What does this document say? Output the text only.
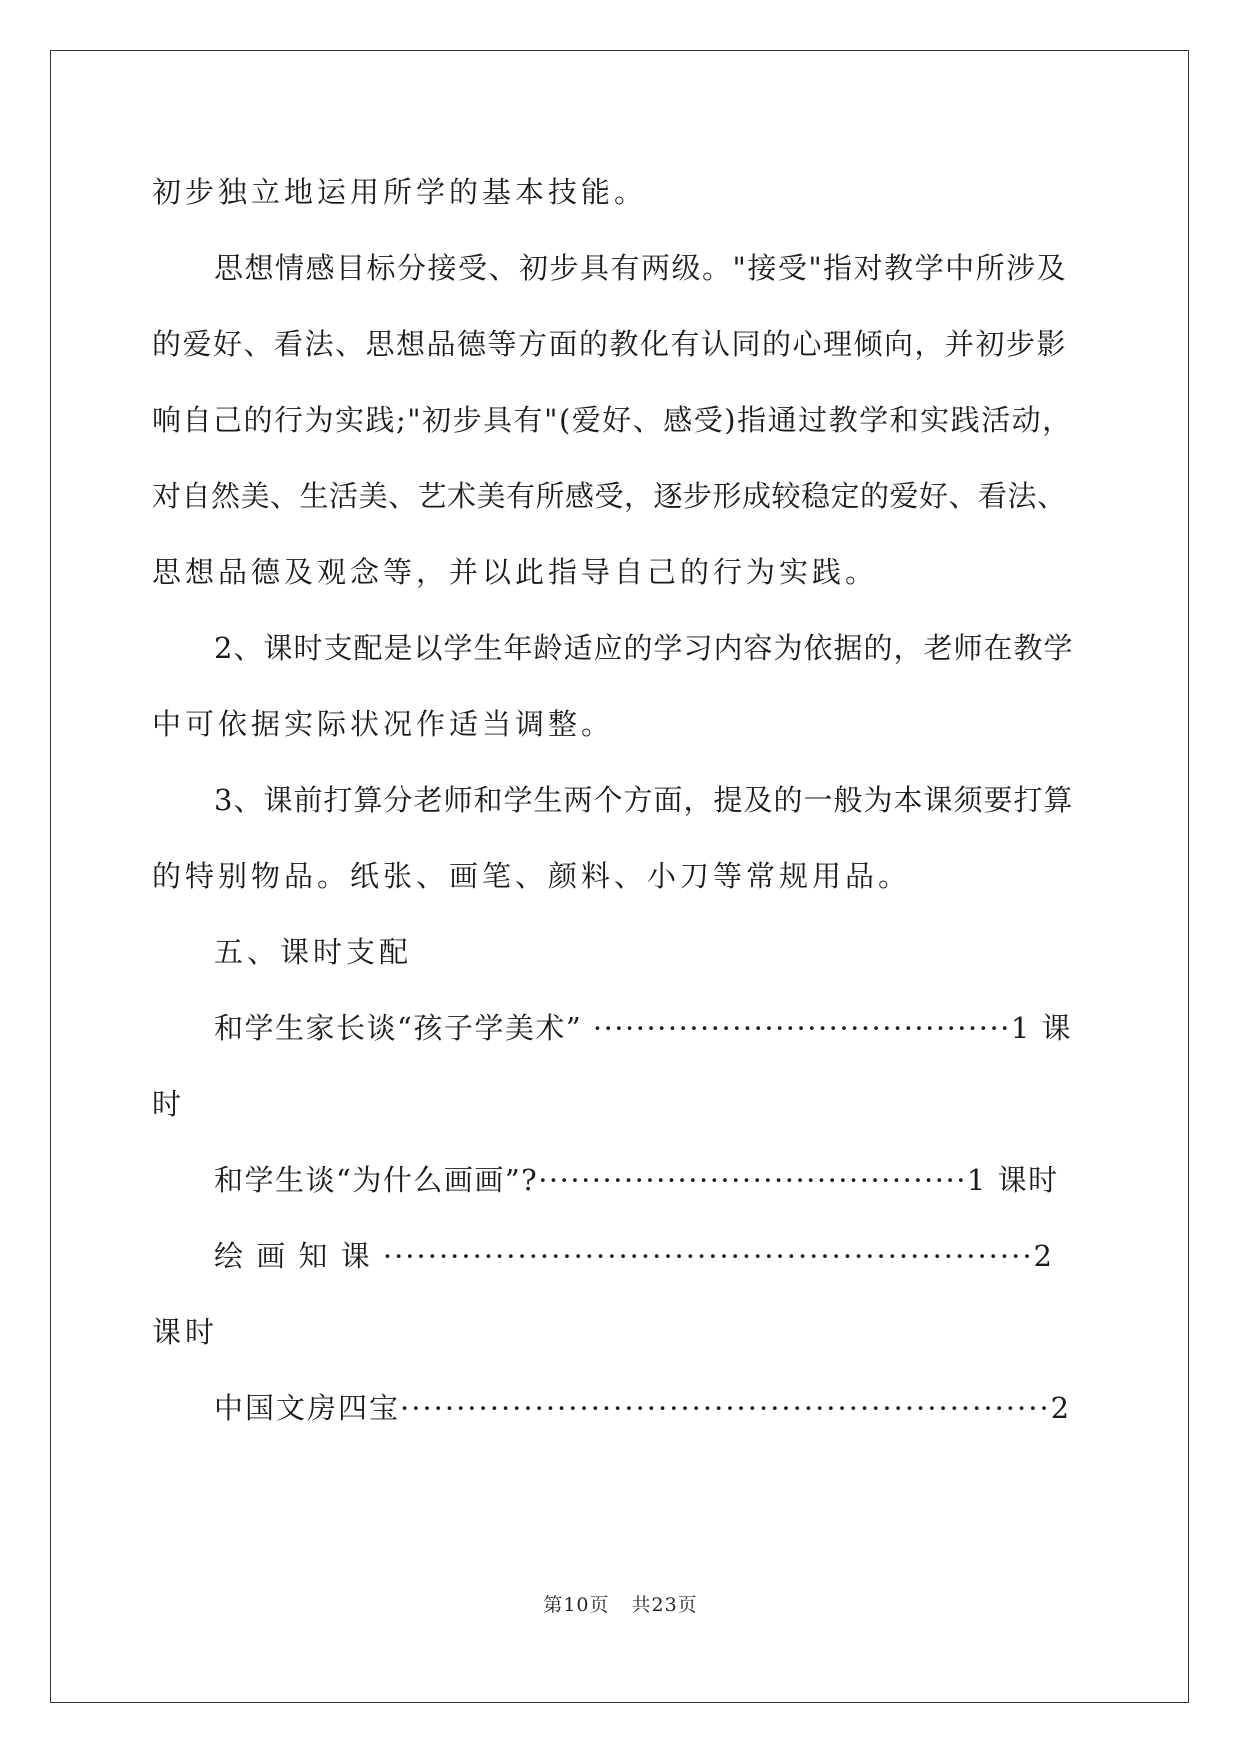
初步独立地运用所学的基本技能。
思想情感目标分接受、初步具有两级。"接受"指对教学中所涉及
的爱好、看法、思想品德等方面的教化有认同的心理倾向，并初步影
响自己的行为实践;"初步具有"(爱好、感受)指通过教学和实践活动，
对自然美、生活美、艺术美有所感受，逐步形成较稳定的爱好、看法、
思想品德及观念等，并以此指导自己的行为实践。
2、课时支配是以学生年龄适应的学习内容为依据的，老师在教学
中可依据实际状况作适当调整。
3、课前打算分老师和学生两个方面，提及的一般为本课须要打算
的特别物品。纸张、画笔、颜料、小刀等常规用品。
五、课时支配
和学生家长谈“孩子学美术” ·······································1 课
时
和学生谈“为什么画画”?········································1 课时
绘 画 知 课 ··························································2
课时
中国文房四宝··························································2
第10页 共23页
